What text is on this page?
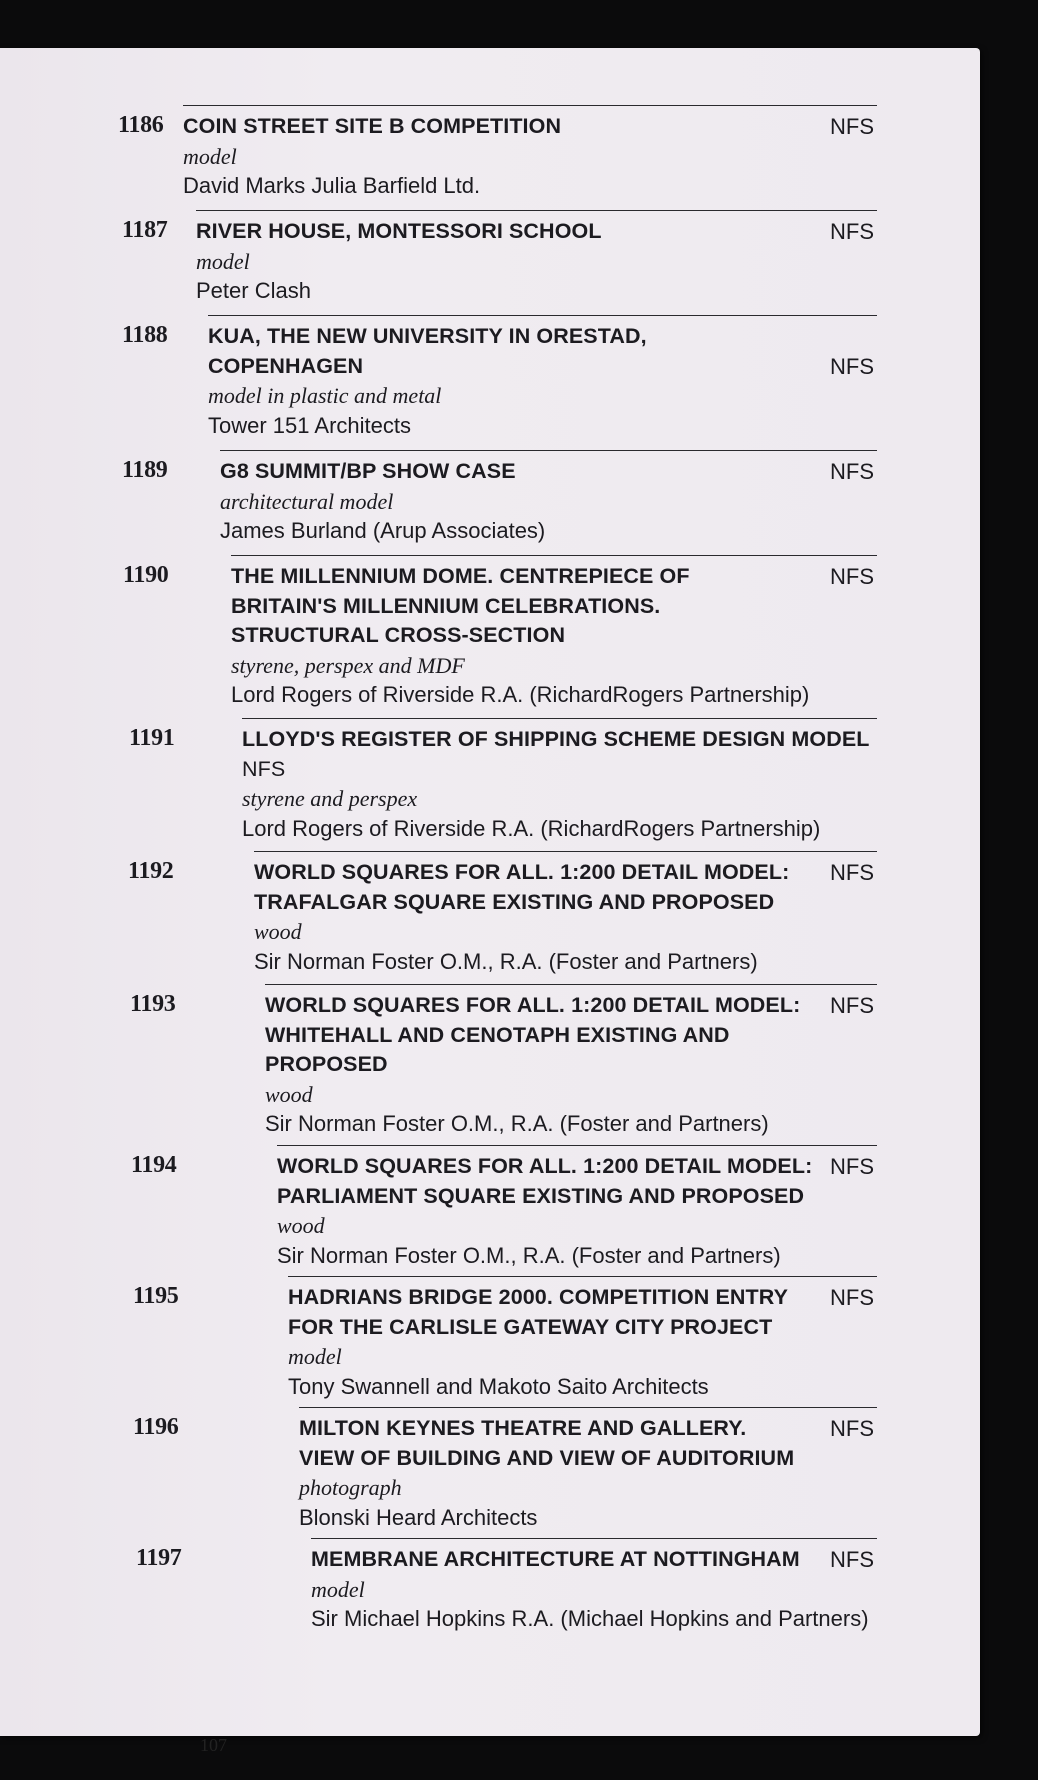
1186 COIN STREET SITE B COMPETITION
model
David Marks Julia Barfield Ltd.
NFS
1187 RIVER HOUSE, MONTESSORI SCHOOL
model
Peter Clash
NFS
1188 KUA, THE NEW UNIVERSITY IN ORESTAD,
COPENHAGEN
model in plastic and metal
Tower 151 Architects
NFS
1189 G8 SUMMIT/BP SHOW CASE
architectural model
James Burland (Arup Associates)
NFS
1190	THE MILLENNIUM DOME. CENTREPIECE OF
BRITAIN'S MILLENNIUM CELEBRATIONS.
STRUCTURAL CROSS-SECTION
styrene, perspex and MDF
Lord Rogers of Riverside R.A. (RichardRogers Partnership)
NFS
1191	LLOYD'S REGISTER OF SHIPPING SCHEME DESIGN MODEL
NFS
styrene and perspex
Lord Rogers of Riverside R.A. (RichardRogers Partnership)
1192	WORLD SQUARES FOR ALL. 1:200 DETAIL MODEL:
TRAFALGAR SQUARE EXISTING AND PROPOSED
wood
Sir Norman Foster O.M., R.A. (Foster and Partners)
NFS
1193	WORLD SQUARES FOR ALL. 1:200 DETAIL MODEL:
WHITEHALL AND CENOTAPH EXISTING AND
PROPOSED
wood
Sir Norman Foster O.M., R.A. (Foster and Partners)
NFS
1194	WORLD SQUARES FOR ALL. 1:200 DETAIL MODEL:
PARLIAMENT SQUARE EXISTING AND PROPOSED
wood
Sir Norman Foster O.M., R.A. (Foster and Partners)
NFS
1195	HADRIANS BRIDGE 2000. COMPETITION ENTRY
FOR THE CARLISLE GATEWAY CITY PROJECT
model
Tony Swannell and Makoto Saito Architects
NFS
1196	MILTON KEYNES THEATRE AND GALLERY.
VIEW OF BUILDING AND VIEW OF AUDITORIUM
photograph
Blonski Heard Architects
NFS
1197	MEMBRANE ARCHITECTURE AT NOTTINGHAM
model
Sir Michael Hopkins R.A. (Michael Hopkins and Partners)
NFS
107
